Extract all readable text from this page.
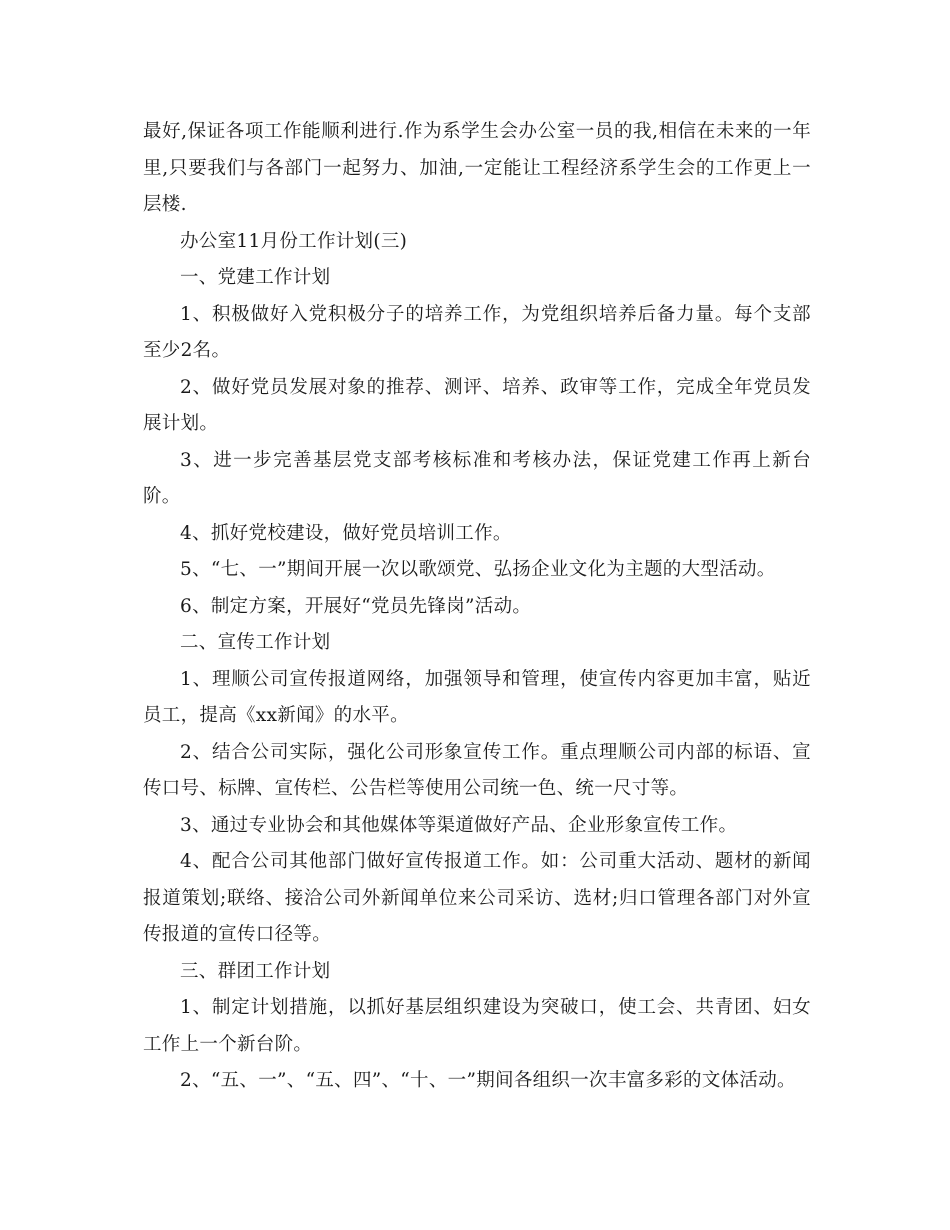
最好,保证各项工作能顺利进行.作为系学生会办公室一员的我,相信在未来的一年里,只要我们与各部门一起努力、加油,一定能让工程经济系学生会的工作更上一层楼.

办公室11月份工作计划(三)

一、党建工作计划

1、积极做好入党积极分子的培养工作，为党组织培养后备力量。每个支部至少2名。

2、做好党员发展对象的推荐、测评、培养、政审等工作，完成全年党员发展计划。

3、进一步完善基层党支部考核标准和考核办法，保证党建工作再上新台阶。

4、抓好党校建设，做好党员培训工作。

5、“七、一”期间开展一次以歌颂党、弘扬企业文化为主题的大型活动。

6、制定方案，开展好“党员先锋岗”活动。

二、宣传工作计划

1、理顺公司宣传报道网络，加强领导和管理，使宣传内容更加丰富，贴近员工，提高《xx新闻》的水平。

2、结合公司实际，强化公司形象宣传工作。重点理顺公司内部的标语、宣传口号、标牌、宣传栏、公告栏等使用公司统一色、统一尺寸等。

3、通过专业协会和其他媒体等渠道做好产品、企业形象宣传工作。

4、配合公司其他部门做好宣传报道工作。如：公司重大活动、题材的新闻报道策划;联络、接洽公司外新闻单位来公司采访、选材;归口管理各部门对外宣传报道的宣传口径等。

三、群团工作计划

1、制定计划措施，以抓好基层组织建设为突破口，使工会、共青团、妇女工作上一个新台阶。

2、“五、一”、“五、四”、“十、一”期间各组织一次丰富多彩的文体活动。
